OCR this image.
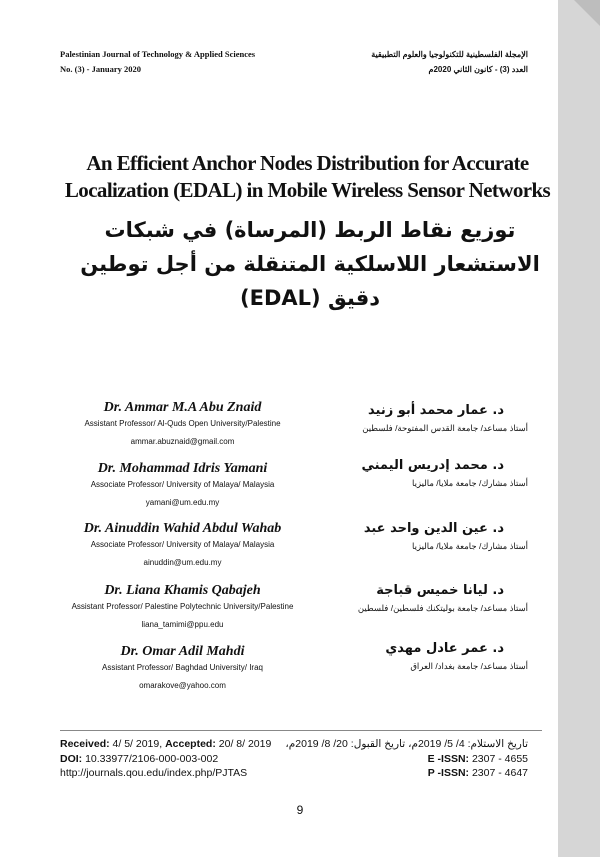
Palestinian Journal of Technology & Applied Sciences
No. (3) - January 2020
الإمجلة الفلسطينية للتكنولوجيا والعلوم التطبيقية
العدد (3) - كانون الثاني 2020م
An Efficient Anchor Nodes Distribution for Accurate Localization (EDAL) in Mobile Wireless Sensor Networks
توزيع نقاط الربط (المرساة) في شبكات الاستشعار اللاسلكية المتنقلة من أجل توطين دقيق (EDAL)
Dr. Ammar M.A Abu Znaid
Assistant Professor/ Al-Quds Open University/Palestine
ammar.abuznaid@gmail.com
د. عمار محمد أبو زنيد
أستاذ مساعد/ جامعة القدس المفتوحة/ فلسطين
Dr. Mohammad Idris Yamani
Associate Professor/ University of Malaya/ Malaysia
yamani@um.edu.my
د. محمد إدريس اليمني
أستاذ مشارك/ جامعة ملايا/ ماليزيا
Dr. Ainuddin Wahid Abdul Wahab
Associate Professor/ University of Malaya/ Malaysia
ainuddin@um.edu.my
د. عين الدين واحد عبد
أستاذ مشارك/ جامعة ملايا/ ماليزيا
Dr. Liana Khamis Qabajeh
Assistant Professor/ Palestine Polytechnic University/Palestine
liana_tamimi@ppu.edu
د. ليانا خميس قباجة
أستاذ مساعد/ جامعة بوليتكنك فلسطين/ فلسطين
Dr. Omar Adil Mahdi
Assistant Professor/ Baghdad University/ Iraq
omarakove@yahoo.com
د. عمر عادل مهدي
أستاذ مساعد/ جامعة بغداد/ العراق
Received: 4/ 5/ 2019, Accepted: 20/ 8/ 2019
DOI: 10.33977/2106-000-003-002
http://journals.qou.edu/index.php/PJTAS
تاريخ الاستلام: 4/ 5/ 2019م، تاريخ القبول: 20/ 8/ 2019م،
E -ISSN: 2307 - 4655
P -ISSN: 2307 - 4647
9
